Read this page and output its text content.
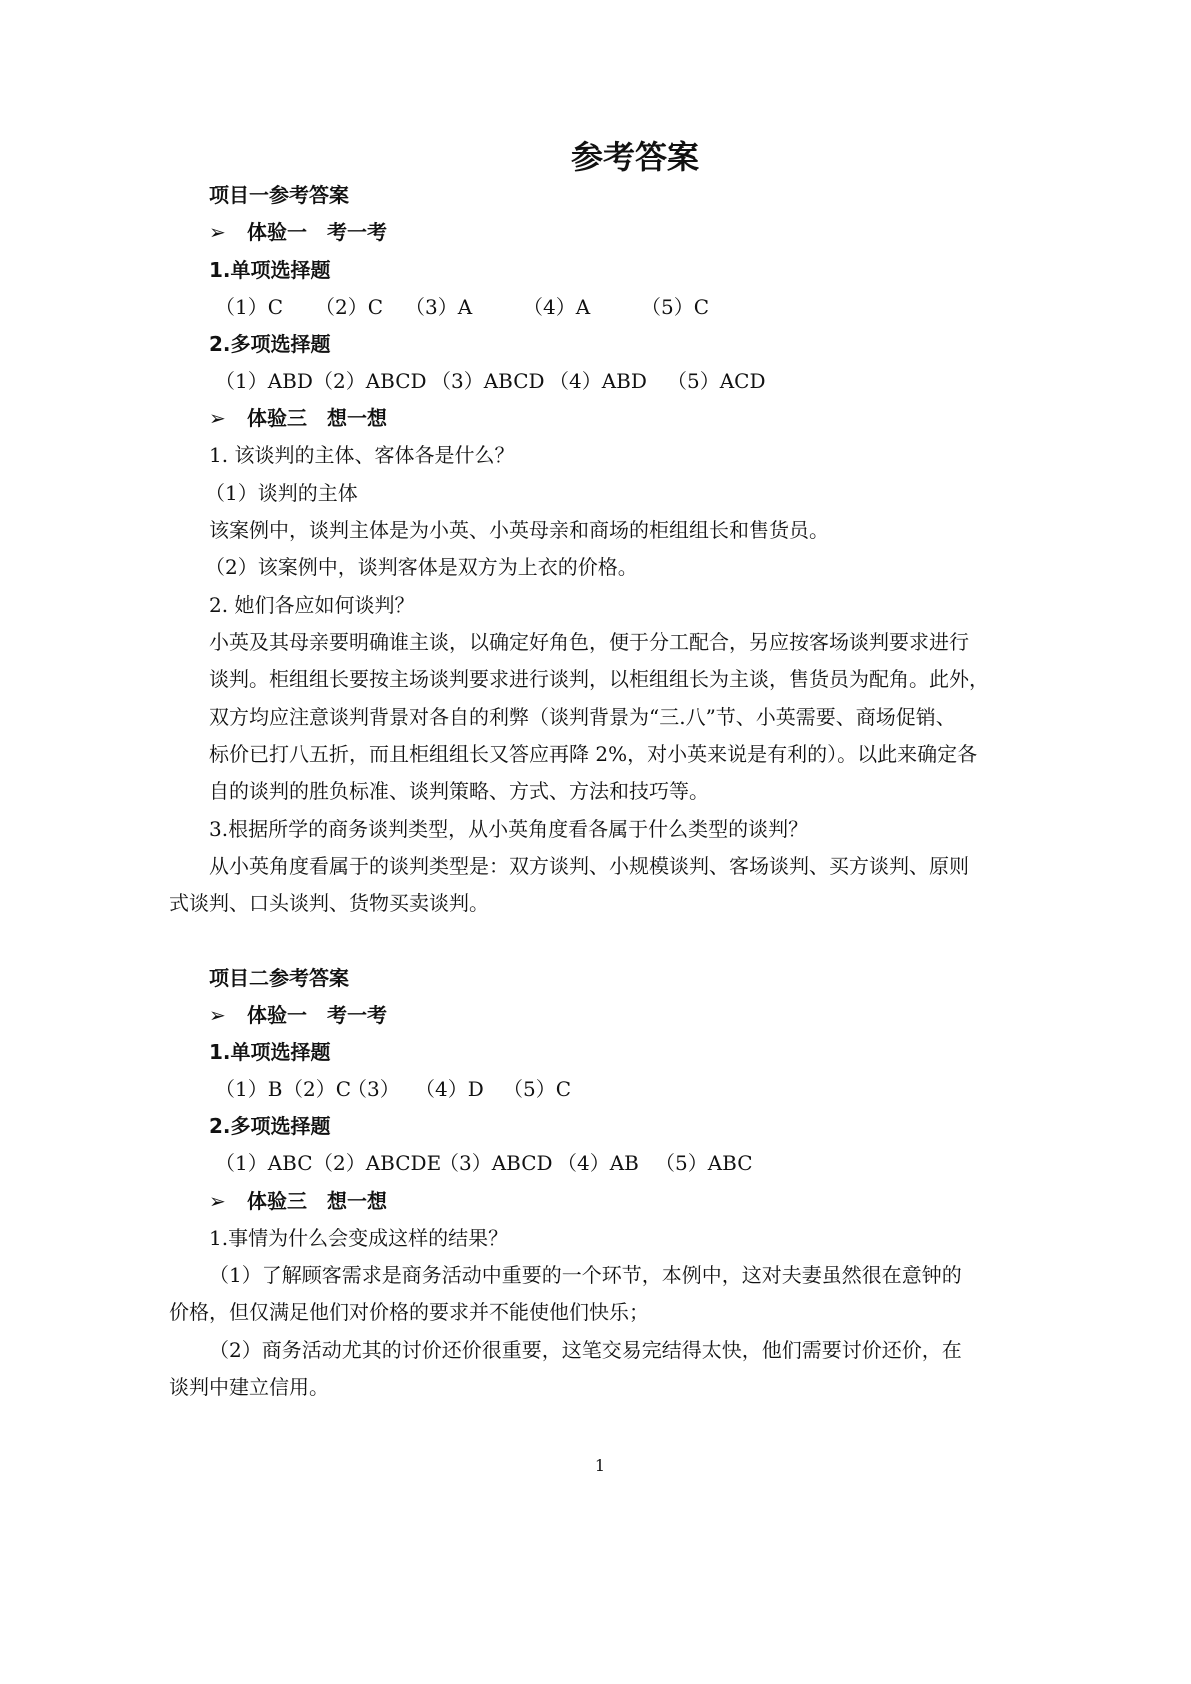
参考答案
项目一参考答案
➢ 体验一　考一考
1.单项选择题
（1）C （2）C （3）A	（4）A	（5）C
2.多项选择题
（1）ABD（2）ABCD （3）ABCD （4）ABD （5）ACD
➢ 体验三　想一想
1. 该谈判的主体、客体各是什么？
（1）谈判的主体
该案例中，谈判主体是为小英、小英母亲和商场的柜组组长和售货员。
（2）该案例中，谈判客体是双方为上衣的价格。
2. 她们各应如何谈判？
小英及其母亲要明确谁主谈，以确定好角色，便于分工配合，另应按客场谈判要求进行
谈判。柜组组长要按主场谈判要求进行谈判，以柜组组长为主谈，售货员为配角。此外，
双方均应注意谈判背景对各自的利弊（谈判背景为“三.八”节、小英需要、商场促销、
标价已打八五折，而且柜组组长又答应再降 2%，对小英来说是有利的）。以此来确定各
自的谈判的胜负标准、谈判策略、方式、方法和技巧等。
3.根据所学的商务谈判类型，从小英角度看各属于什么类型的谈判？
从小英角度看属于的谈判类型是：双方谈判、小规模谈判、客场谈判、买方谈判、原则
式谈判、口头谈判、货物买卖谈判。
项目二参考答案
➢ 体验一　考一考
1.单项选择题
（1）B（2）C（3） （4）D （5）C
2.多项选择题
（1）ABC（2）ABCDE（3）ABCD （4）AB （5）ABC
➢ 体验三　想一想
1.事情为什么会变成这样的结果？
（1）了解顾客需求是商务活动中重要的一个环节，本例中，这对夫妻虽然很在意钟的
价格，但仅满足他们对价格的要求并不能使他们快乐；
（2）商务活动尤其的讨价还价很重要，这笔交易完结得太快，他们需要讨价还价，在
谈判中建立信用。
1
